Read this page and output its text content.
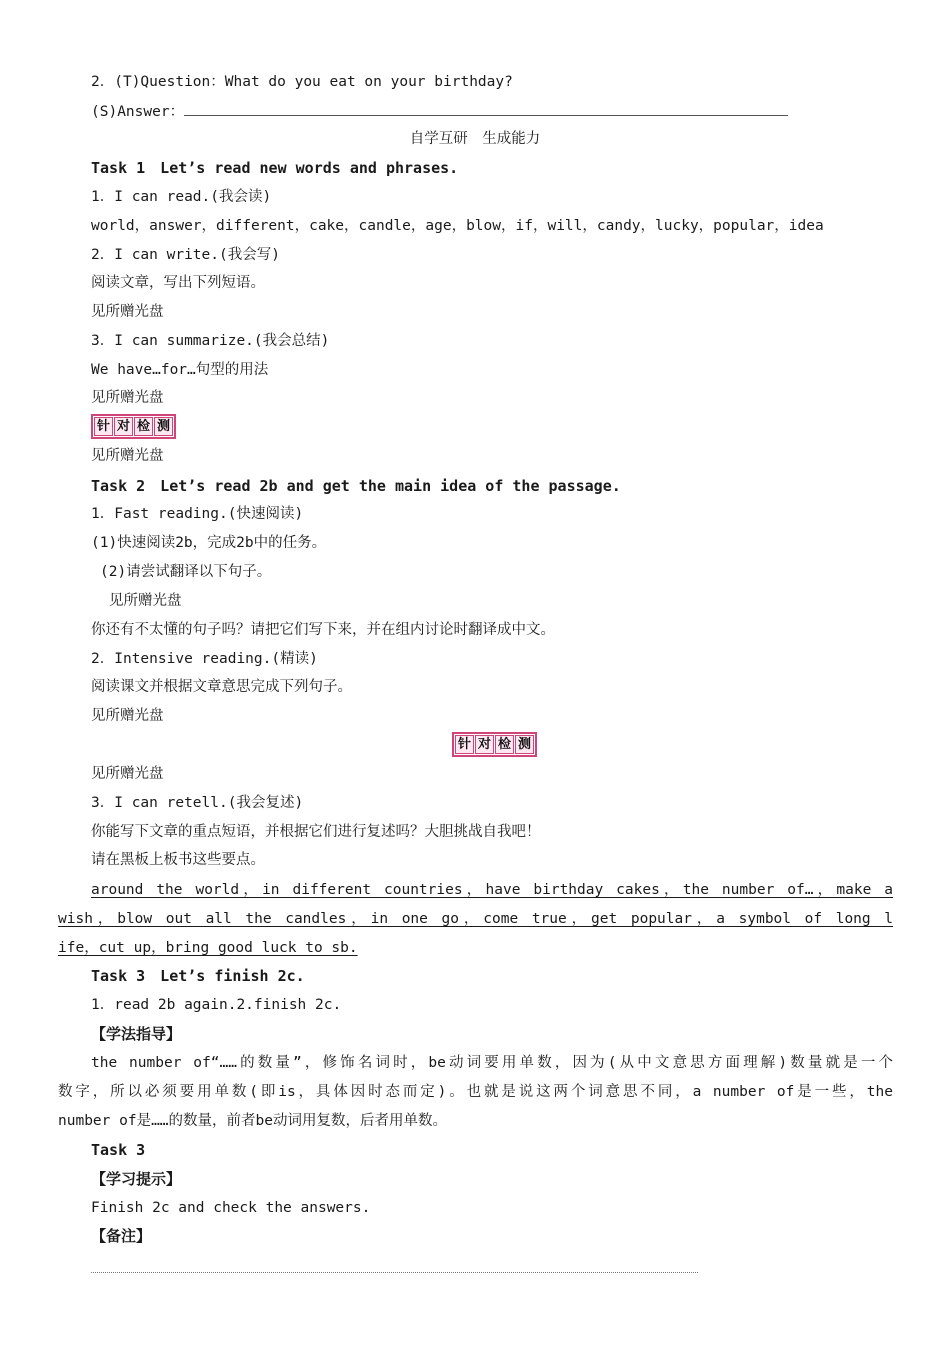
2．(T)Question：What do you eat on your birthday?
(S)Answer：
自学互研　生成能力
Task 1　Let’s read new words and phrases.
1．I can read.(我会读)
world，answer，different，cake，candle，age，blow，if，will，candy，lucky，popular，idea
2．I can write.(我会写)
阅读文章，写出下列短语。
见所赠光盘
3．I can summarize.(我会总结)
We have…for…句型的用法
见所赠光盘
针 对 检 测
见所赠光盘
Task 2　Let’s read 2b and get the main idea of the passage.
1．Fast reading.(快速阅读)
(1)快速阅读2b，完成2b中的任务。
(2)请尝试翻译以下句子。
见所赠光盘
你还有不太懂的句子吗？请把它们写下来，并在组内讨论时翻译成中文。
2．Intensive reading.(精读)
阅读课文并根据文章意思完成下列句子。
见所赠光盘
针 对 检 测
见所赠光盘
3．I can retell.(我会复述)
你能写下文章的重点短语，并根据它们进行复述吗？大胆挑战自我吧！
请在黑板上板书这些要点。
around the world，in different countries，have birthday cakes，the number of…，make a
wish，blow out all the candles，in one go，come true，get popular，a symbol of long l
ife，cut up，bring good luck to sb.
Task 3　Let’s finish 2c.
1．read 2b again.2.finish 2c.
【学法指导】
the number of“……的数量”，修饰名词时，be动词要用单数，因为(从中文意思方面理解)数量就是一个
数字，所以必须要用单数(即is，具体因时态而定)。也就是说这两个词意思不同，a number of是一些，the
number of是……的数量，前者be动词用复数，后者用单数。
Task 3
【学习提示】
Finish 2c and check the answers.
【备注】
